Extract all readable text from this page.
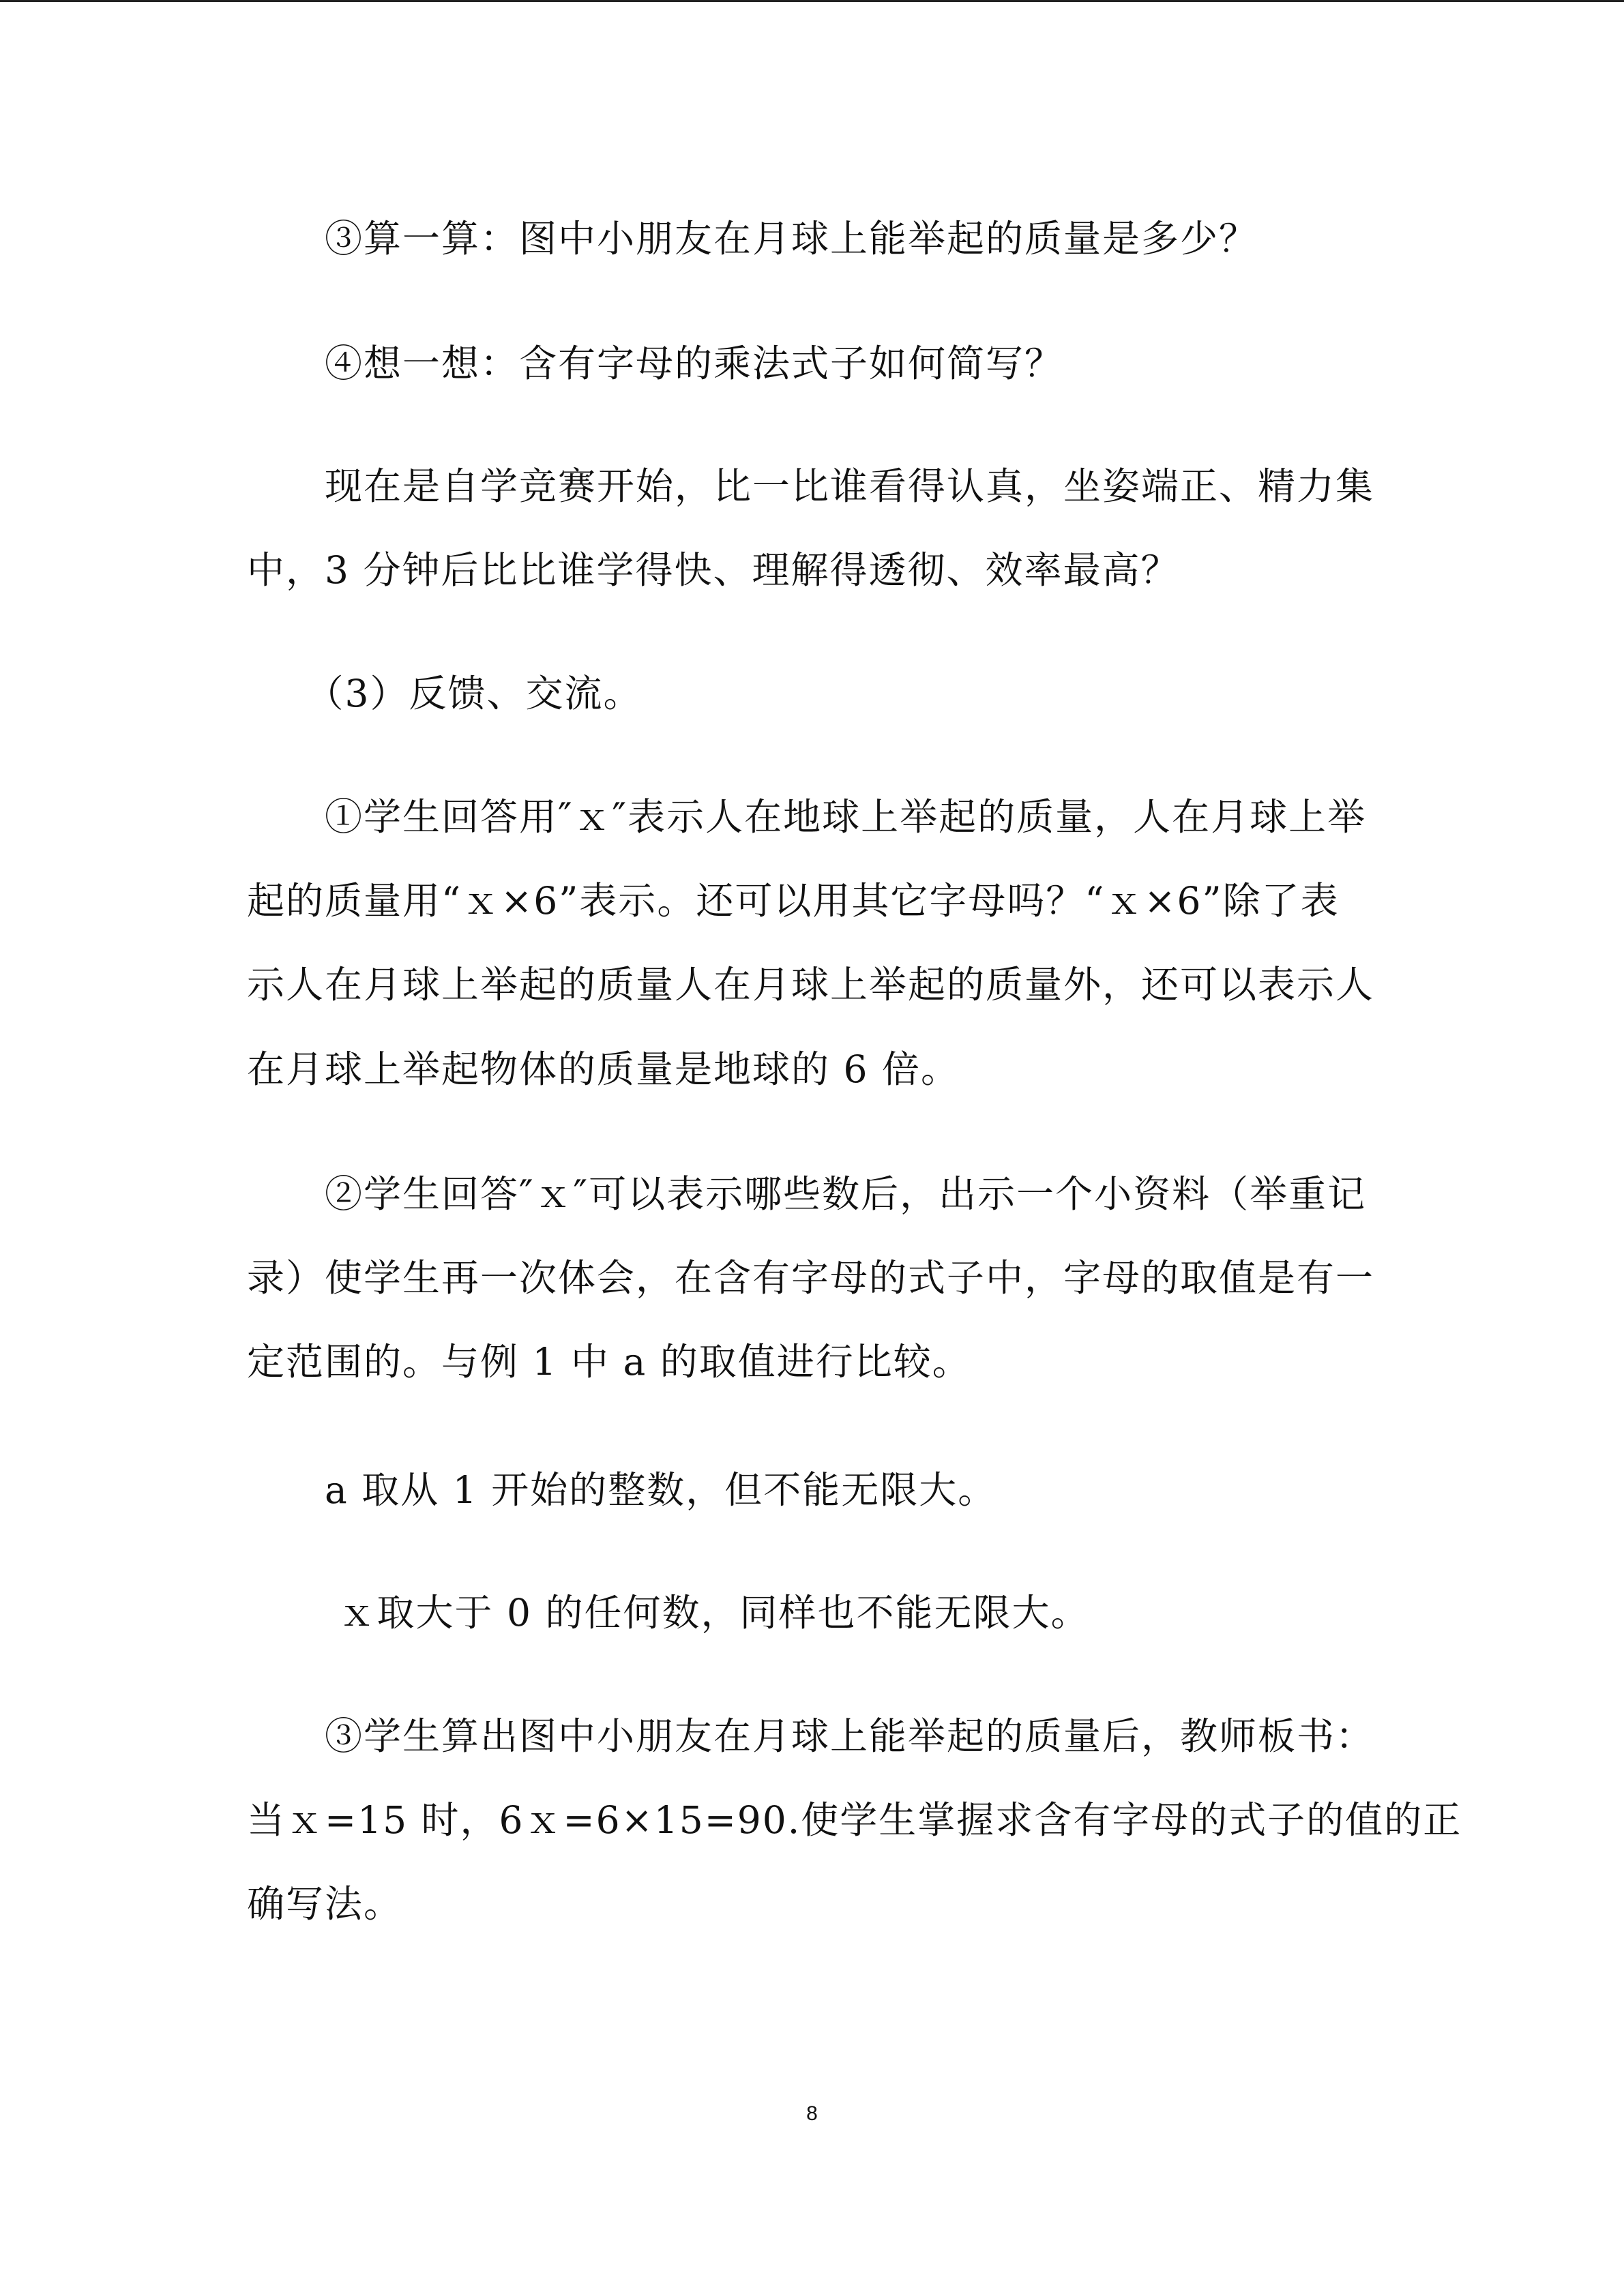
　　③算一算：图中小朋友在月球上能举起的质量是多少？
　　④想一想：含有字母的乘法式子如何简写？
　　现在是自学竞赛开始，比一比谁看得认真，坐姿端正、精力集
中，3 分钟后比比谁学得快、理解得透彻、效率最高？
　　（3）反馈、交流。
　　①学生回答用″ｘ″表示人在地球上举起的质量，人在月球上举
起的质量用“ｘ×6”表示。还可以用其它字母吗？“ｘ×6”除了表
示人在月球上举起的质量人在月球上举起的质量外，还可以表示人
在月球上举起物体的质量是地球的 6 倍。
　　②学生回答″ｘ″可以表示哪些数后，出示一个小资料（举重记
录）使学生再一次体会，在含有字母的式子中，字母的取值是有一
定范围的。与例 1 中 a 的取值进行比较。
　　a 取从 1 开始的整数，但不能无限大。
　　 ｘ取大于 0 的任何数，同样也不能无限大。
　　③学生算出图中小朋友在月球上能举起的质量后，教师板书：
当ｘ=15 时，6ｘ=6×15=90.使学生掌握求含有字母的式子的值的正
确写法。
8
